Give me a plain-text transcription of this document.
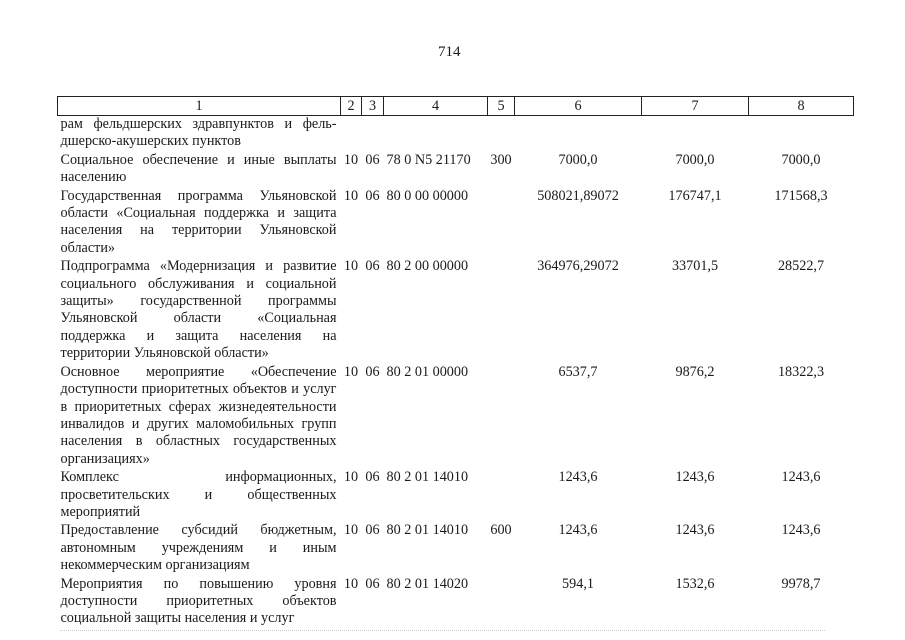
714
1	2	3	4	5	6	7	8
рам фельдшерских здравпунктов и фель-дшерско-акушерских пунктов							
Социальное обеспечение и иные выплаты населению	10	06	78 0 N5 21170	300	7000,0	7000,0	7000,0
Государственная программа Ульяновской области «Социальная поддержка и защита населения на территории Ульяновской области»	10	06	80 0 00 00000		508021,89072	176747,1	171568,3
Подпрограмма «Модернизация и развитие социального обслуживания и социальной защиты» государственной программы Ульяновской области «Социальная поддержка и защита населения на территории Ульяновской области»	10	06	80 2 00 00000		364976,29072	33701,5	28522,7
Основное мероприятие «Обеспечение доступности приоритетных объектов и услуг в приоритетных сферах жизнедеятельности инвалидов и других маломобильных групп населения в областных государственных организациях»	10	06	80 2 01 00000		6537,7	9876,2	18322,3
Комплекс информационных, просветительских и общественных мероприятий	10	06	80 2 01 14010		1243,6	1243,6	1243,6
Предоставление субсидий бюджетным, автономным учреждениям и иным некоммерческим организациям	10	06	80 2 01 14010	600	1243,6	1243,6	1243,6
Мероприятия по повышению уровня доступности приоритетных объектов социальной защиты населения и услуг	10	06	80 2 01 14020		594,1	1532,6	9978,7
